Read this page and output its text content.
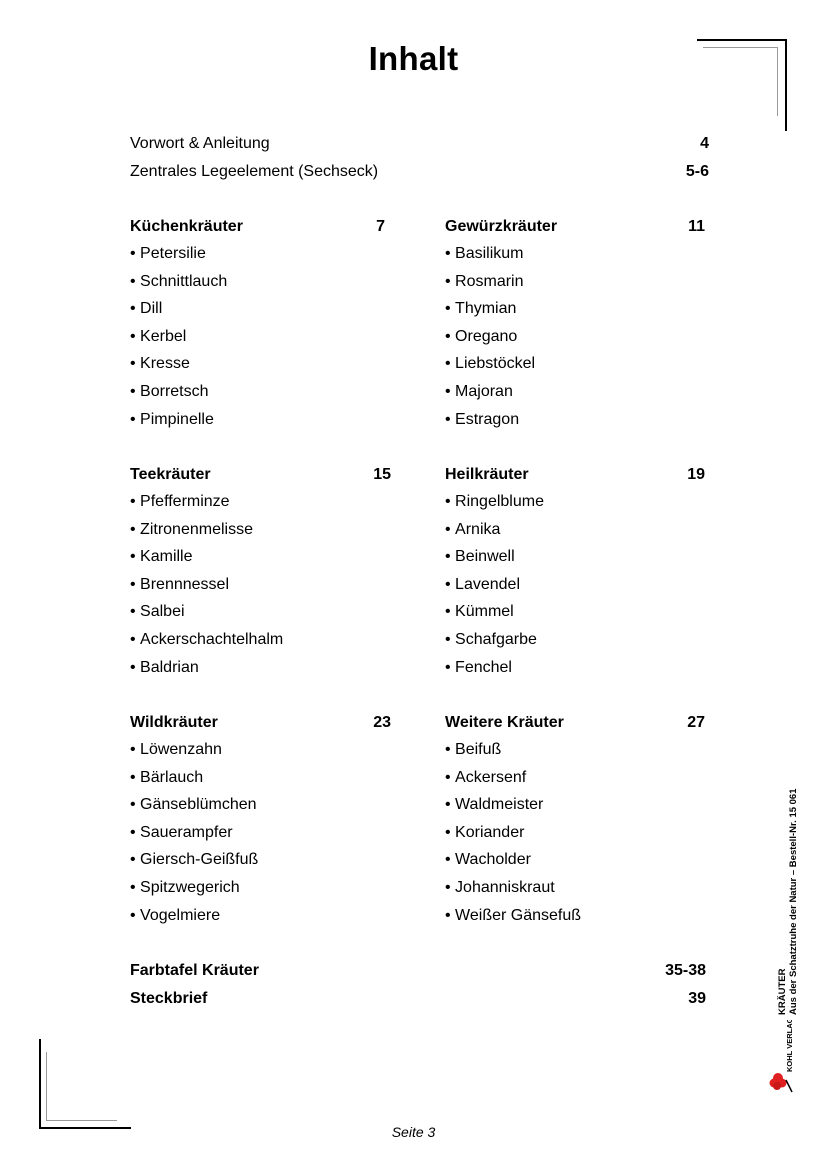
Inhalt
Vorwort & Anleitung	4
Zentrales Legeelement (Sechseck)	5-6
Küchenkräuter	7
• Petersilie
• Schnittlauch
• Dill
• Kerbel
• Kresse
• Borretsch
• Pimpinelle
Gewürzkräuter	11
• Basilikum
• Rosmarin
• Thymian
• Oregano
• Liebstöckel
• Majoran
• Estragon
Teekräuter	15
• Pfefferminze
• Zitronenmelisse
• Kamille
• Brennnessel
• Salbei
• Ackerschachtelhalm
• Baldrian
Heilkräuter	19
• Ringelblume
• Arnika
• Beinwell
• Lavendel
• Kümmel
• Schafgarbe
• Fenchel
Wildkräuter	23
• Löwenzahn
• Bärlauch
• Gänseblümchen
• Sauerampfer
• Giersch-Geißfuß
• Spitzwegerich
• Vogelmiere
Weitere Kräuter	27
• Beifuß
• Ackersenf
• Waldmeister
• Koriander
• Wacholder
• Johanniskraut
• Weißer Gänsefuß
Farbtafel Kräuter	35-38
Steckbrief	39	KRÄUTER Aus der Schatztruhe der Natur – Bestell-Nr. 15 061
KOHL VERLAG
Seite 3
